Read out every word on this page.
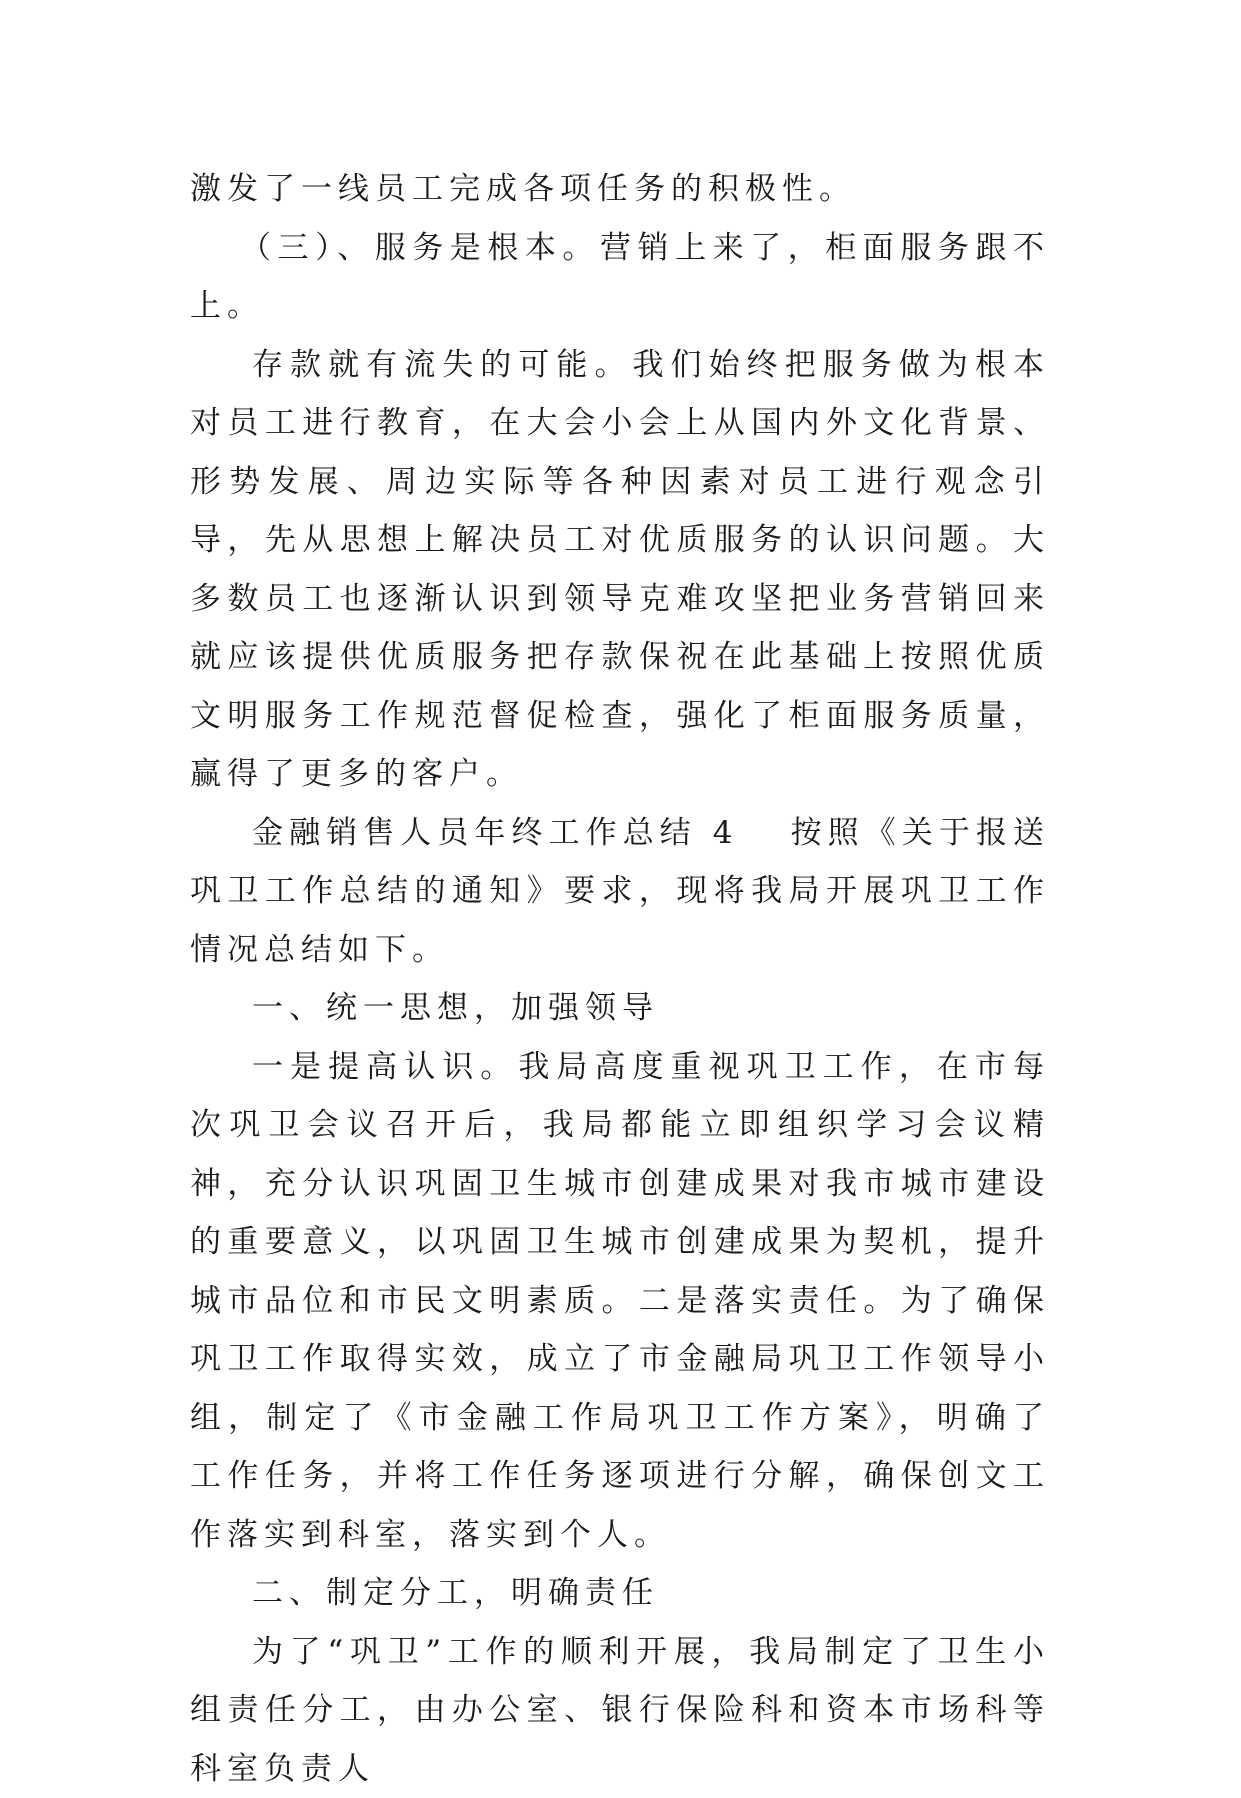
激发了一线员工完成各项任务的积极性。

（三）、服务是根本。营销上来了，柜面服务跟不上。

存款就有流失的可能。我们始终把服务做为根本对员工进行教育，在大会小会上从国内外文化背景、形势发展、周边实际等各种因素对员工进行观念引导，先从思想上解决员工对优质服务的认识问题。大多数员工也逐渐认识到领导克难攻坚把业务营销回来就应该提供优质服务把存款保祝在此基础上按照优质文明服务工作规范督促检查，强化了柜面服务质量，赢得了更多的客户。

金融销售人员年终工作总结 4 按照《关于报送巩卫工作总结的通知》要求，现将我局开展巩卫工作情况总结如下。

一、统一思想，加强领导

一是提高认识。我局高度重视巩卫工作，在市每次巩卫会议召开后，我局都能立即组织学习会议精神，充分认识巩固卫生城市创建成果对我市城市建设的重要意义，以巩固卫生城市创建成果为契机，提升城市品位和市民文明素质。二是落实责任。为了确保巩卫工作取得实效，成立了市金融局巩卫工作领导小组，制定了《市金融工作局巩卫工作方案》，明确了工作任务，并将工作任务逐项进行分解，确保创文工作落实到科室，落实到个人。

二、制定分工，明确责任

为了“巩卫”工作的顺利开展，我局制定了卫生小组责任分工，由办公室、银行保险科和资本市场科等科室负责人
